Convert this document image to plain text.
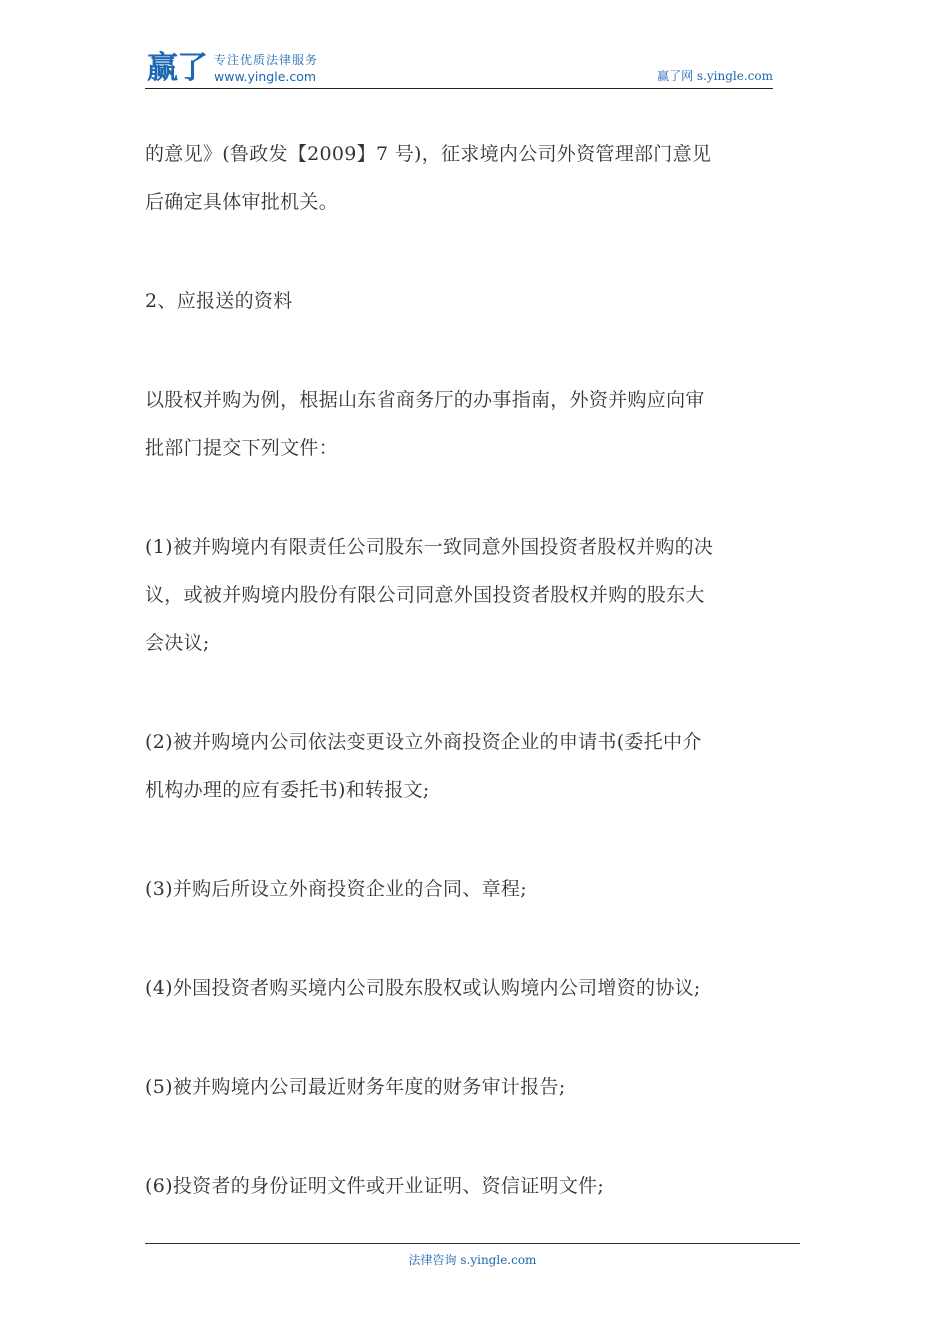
赢了 专注优质法律服务
www.yingle.com	赢了网 s.yingle.com

的意见》(鲁政发【2009】7 号)，征求境内公司外资管理部门意见
后确定具体审批机关。

2、应报送的资料

以股权并购为例，根据山东省商务厅的办事指南，外资并购应向审
批部门提交下列文件：

(1)被并购境内有限责任公司股东一致同意外国投资者股权并购的决
议，或被并购境内股份有限公司同意外国投资者股权并购的股东大
会决议;

(2)被并购境内公司依法变更设立外商投资企业的申请书(委托中介
机构办理的应有委托书)和转报文;

(3)并购后所设立外商投资企业的合同、章程;

(4)外国投资者购买境内公司股东股权或认购境内公司增资的协议;

(5)被并购境内公司最近财务年度的财务审计报告;

(6)投资者的身份证明文件或开业证明、资信证明文件;

法律咨询 s.yingle.com
